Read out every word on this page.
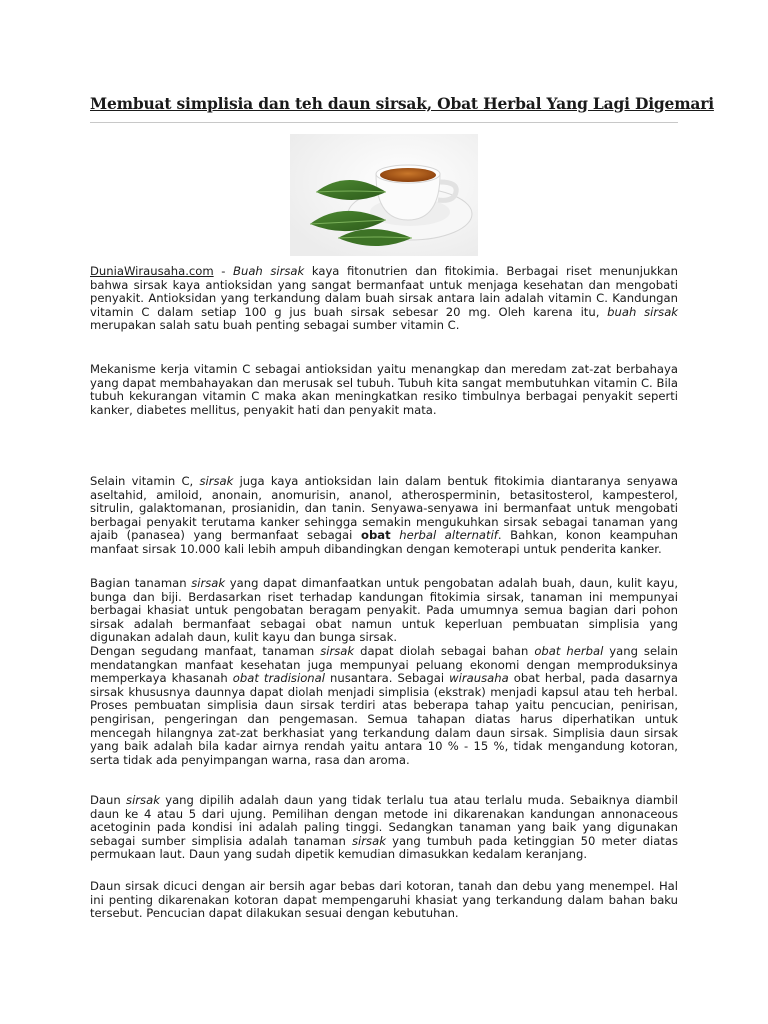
Membuat simplisia dan teh daun sirsak, Obat Herbal Yang Lagi Digemari

DuniaWirausaha.com - Buah sirsak kaya fitonutrien dan fitokimia. Berbagai riset menunjukkan bahwa sirsak kaya antioksidan yang sangat bermanfaat untuk menjaga kesehatan dan mengobati penyakit. Antioksidan yang terkandung dalam buah sirsak antara lain adalah vitamin C. Kandungan vitamin C dalam setiap 100 g jus buah sirsak sebesar 20 mg. Oleh karena itu, buah sirsak merupakan salah satu buah penting sebagai sumber vitamin C.

Mekanisme kerja vitamin C sebagai antioksidan yaitu menangkap dan meredam zat-zat berbahaya yang dapat membahayakan dan merusak sel tubuh. Tubuh kita sangat membutuhkan vitamin C. Bila tubuh kekurangan vitamin C maka akan meningkatkan resiko timbulnya berbagai penyakit seperti kanker, diabetes mellitus, penyakit hati dan penyakit mata.

Selain vitamin C, sirsak juga kaya antioksidan lain dalam bentuk fitokimia diantaranya senyawa aseltahid, amiloid, anonain, anomurisin, ananol, atherosperminin, betasitosterol, kampesterol, sitrulin, galaktomanan, prosianidin, dan tanin. Senyawa-senyawa ini bermanfaat untuk mengobati berbagai penyakit terutama kanker sehingga semakin mengukuhkan sirsak sebagai tanaman yang ajaib (panasea) yang bermanfaat sebagai obat herbal alternatif. Bahkan, konon keampuhan manfaat sirsak 10.000 kali lebih ampuh dibandingkan dengan kemoterapi untuk penderita kanker.

Bagian tanaman sirsak yang dapat dimanfaatkan untuk pengobatan adalah buah, daun, kulit kayu, bunga dan biji. Berdasarkan riset terhadap kandungan fitokimia sirsak, tanaman ini mempunyai berbagai khasiat untuk pengobatan beragam penyakit. Pada umumnya semua bagian dari pohon sirsak adalah bermanfaat sebagai obat namun untuk keperluan pembuatan simplisia yang digunakan adalah daun, kulit kayu dan bunga sirsak.
Dengan segudang manfaat, tanaman sirsak dapat diolah sebagai bahan obat herbal yang selain mendatangkan manfaat kesehatan juga mempunyai peluang ekonomi dengan memproduksinya memperkaya khasanah obat tradisional nusantara. Sebagai wirausaha obat herbal, pada dasarnya sirsak khususnya daunnya dapat diolah menjadi simplisia (ekstrak) menjadi kapsul atau teh herbal. Proses pembuatan simplisia daun sirsak terdiri atas beberapa tahap yaitu pencucian, penirisan, pengirisan, pengeringan dan pengemasan. Semua tahapan diatas harus diperhatikan untuk mencegah hilangnya zat-zat berkhasiat yang terkandung dalam daun sirsak. Simplisia daun sirsak yang baik adalah bila kadar airnya rendah yaitu antara 10 % - 15 %, tidak mengandung kotoran, serta tidak ada penyimpangan warna, rasa dan aroma.

Daun sirsak yang dipilih adalah daun yang tidak terlalu tua atau terlalu muda. Sebaiknya diambil daun ke 4 atau 5 dari ujung. Pemilihan dengan metode ini dikarenakan kandungan annonaceous acetoginin pada kondisi ini adalah paling tinggi. Sedangkan tanaman yang baik yang digunakan sebagai sumber simplisia adalah tanaman sirsak yang tumbuh pada ketinggian 50 meter diatas permukaan laut. Daun yang sudah dipetik kemudian dimasukkan kedalam keranjang.

Daun sirsak dicuci dengan air bersih agar bebas dari kotoran, tanah dan debu yang menempel. Hal ini penting dikarenakan kotoran dapat mempengaruhi khasiat yang terkandung dalam bahan baku tersebut. Pencucian dapat dilakukan sesuai dengan kebutuhan.
